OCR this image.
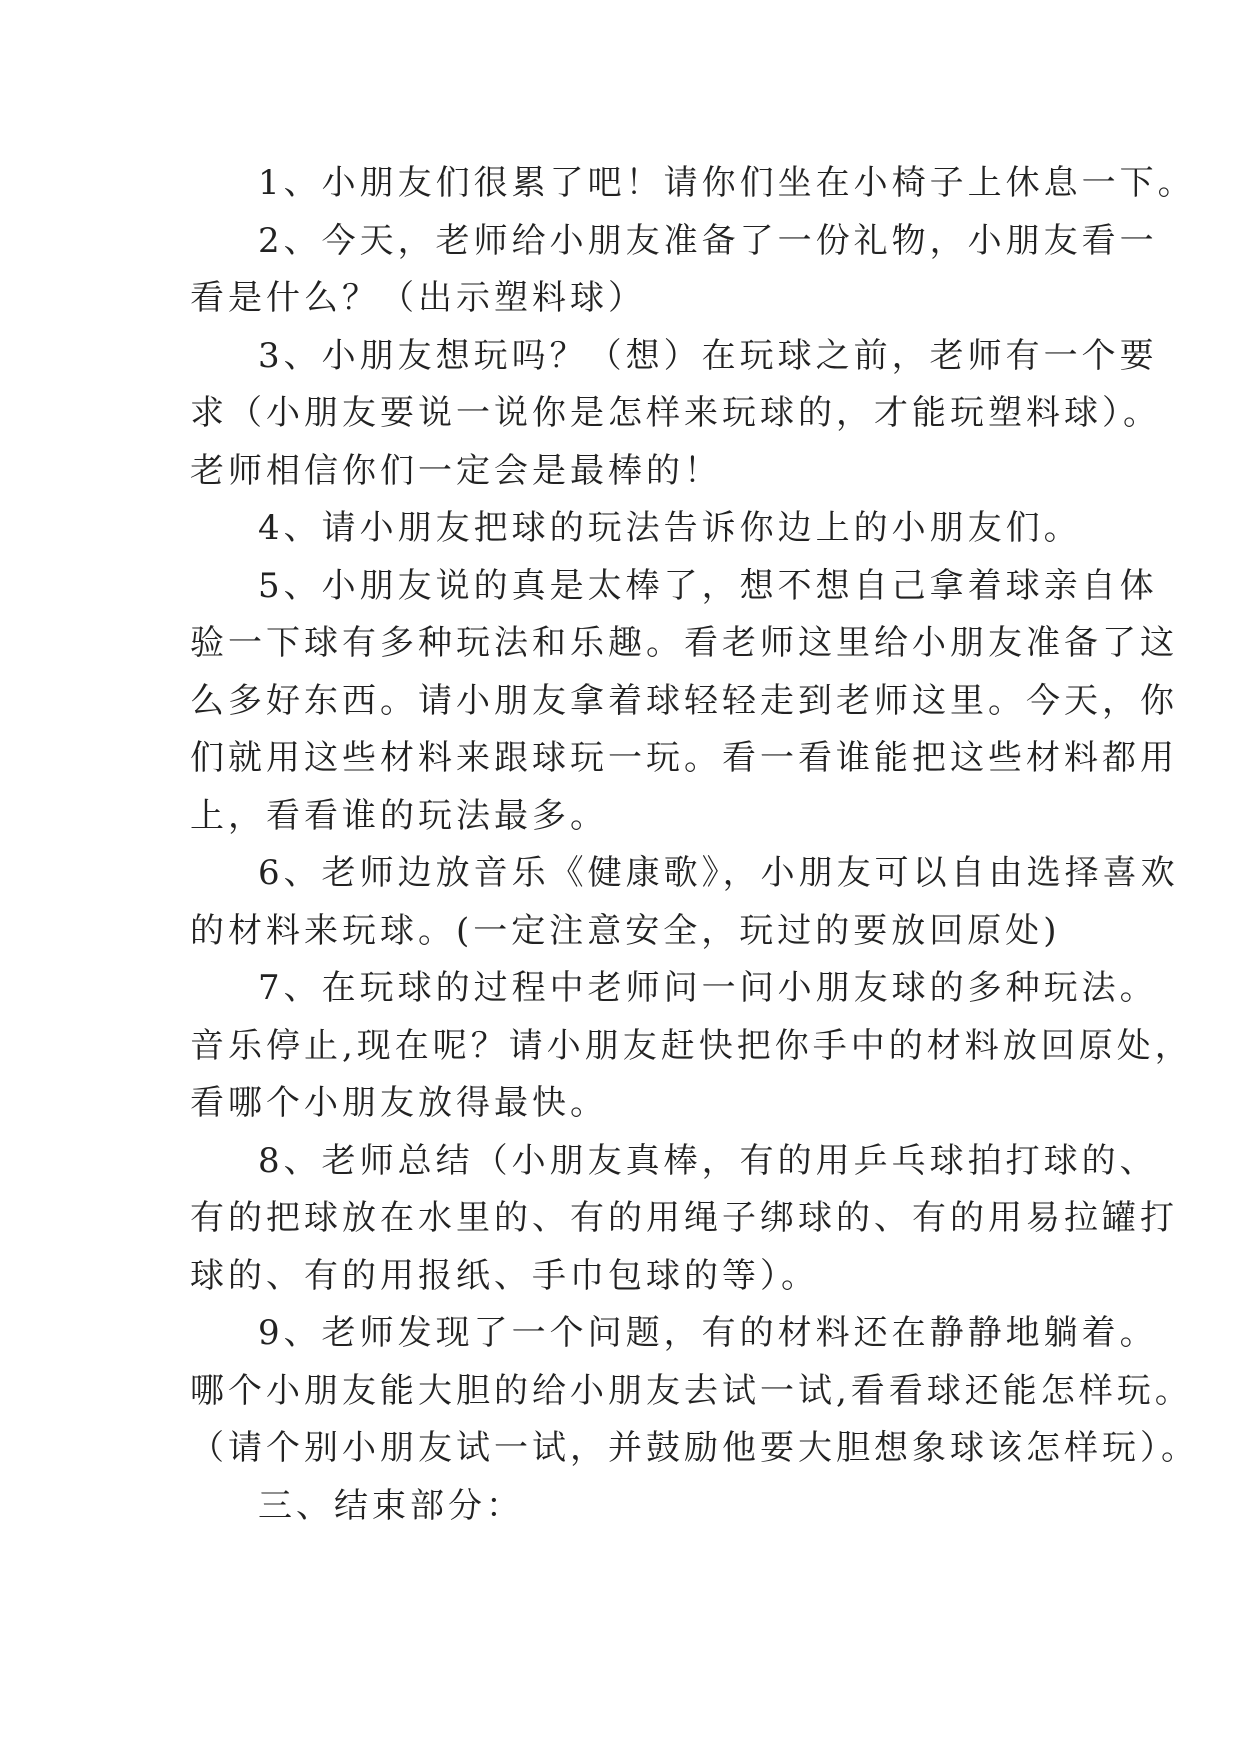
1、小朋友们很累了吧！请你们坐在小椅子上休息一下。

2、今天，老师给小朋友准备了一份礼物，小朋友看一
看是什么？（出示塑料球）

3、小朋友想玩吗？（想）在玩球之前，老师有一个要
求（小朋友要说一说你是怎样来玩球的，才能玩塑料球）。
老师相信你们一定会是最棒的！

4、请小朋友把球的玩法告诉你边上的小朋友们。

5、小朋友说的真是太棒了，想不想自己拿着球亲自体
验一下球有多种玩法和乐趣。看老师这里给小朋友准备了这
么多好东西。请小朋友拿着球轻轻走到老师这里。今天，你
们就用这些材料来跟球玩一玩。看一看谁能把这些材料都用
上，看看谁的玩法最多。

6、老师边放音乐《健康歌》，小朋友可以自由选择喜欢
的材料来玩球。(一定注意安全，玩过的要放回原处)

7、在玩球的过程中老师问一问小朋友球的多种玩法。
音乐停止,现在呢？请小朋友赶快把你手中的材料放回原处，
看哪个小朋友放得最快。

8、老师总结（小朋友真棒，有的用乒乓球拍打球的、
有的把球放在水里的、有的用绳子绑球的、有的用易拉罐打
球的、有的用报纸、手巾包球的等）。

9、老师发现了一个问题，有的材料还在静静地躺着。
哪个小朋友能大胆的给小朋友去试一试,看看球还能怎样玩。
（请个别小朋友试一试，并鼓励他要大胆想象球该怎样玩）。

三、结束部分：
